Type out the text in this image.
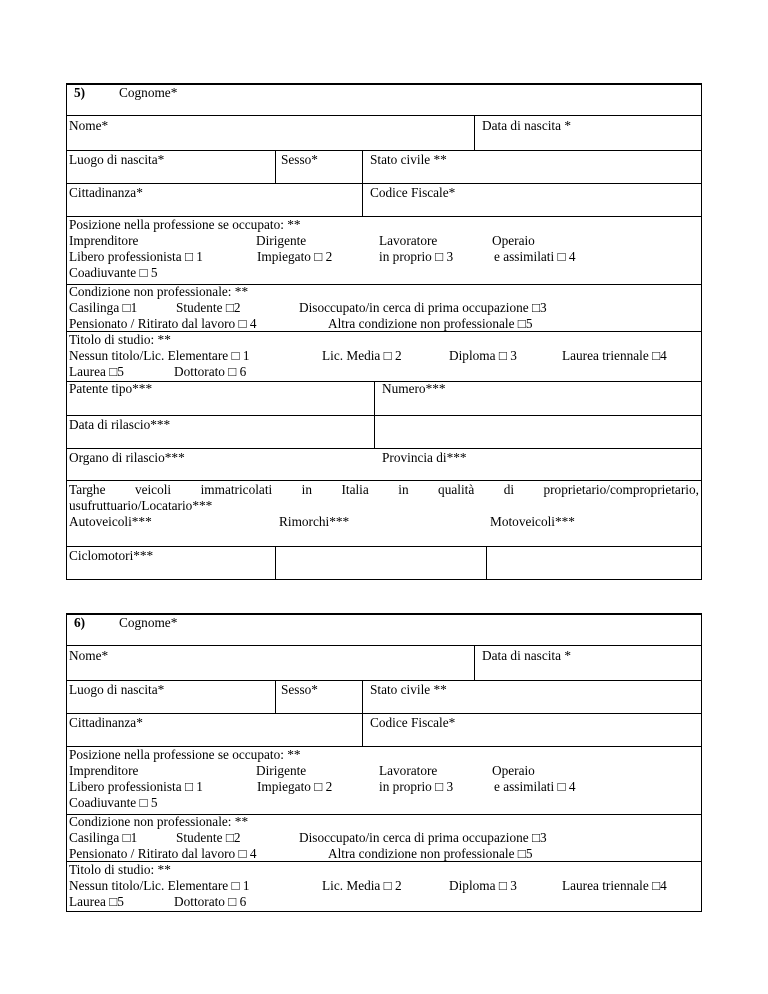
5)	Cognome*
Nome*	Data di nascita *
Luogo di nascita*	Sesso*	Stato civile **
Cittadinanza*	Codice Fiscale*
Posizione nella professione se occupato: **
Imprenditore	Dirigente	Lavoratore	Operaio
Libero professionista □ 1	Impiegato □ 2	in proprio □ 3	e assimilati □ 4
Coadiuvante □ 5
Condizione non professionale: **
Casilinga □1	Studente □2	Disoccupato/in cerca di prima occupazione □3
Pensionato / Ritirato dal lavoro □ 4	Altra condizione non professionale □5
Titolo di studio: **
Nessun titolo/Lic. Elementare □ 1	Lic. Media □ 2	Diploma □ 3	Laurea triennale □4
Laurea □5	Dottorato □ 6
Patente tipo***	Numero***
Data di rilascio***
Organo di rilascio***	Provincia di***
Targhe veicoli immatricolati in Italia in qualità di proprietario/comproprietario,
usufruttuario/Locatario***
Autoveicoli***	Rimorchi***	Motoveicoli***
Ciclomotori***
6)	Cognome*
Nome*	Data di nascita *
Luogo di nascita*	Sesso*	Stato civile **
Cittadinanza*	Codice Fiscale*
Posizione nella professione se occupato: **
Imprenditore	Dirigente	Lavoratore	Operaio
Libero professionista □ 1	Impiegato □ 2	in proprio □ 3	e assimilati □ 4
Coadiuvante □ 5
Condizione non professionale: **
Casilinga □1	Studente □2	Disoccupato/in cerca di prima occupazione □3
Pensionato / Ritirato dal lavoro □ 4	Altra condizione non professionale □5
Titolo di studio: **
Nessun titolo/Lic. Elementare □ 1	Lic. Media □ 2	Diploma □ 3	Laurea triennale □4
Laurea □5	Dottorato □ 6
